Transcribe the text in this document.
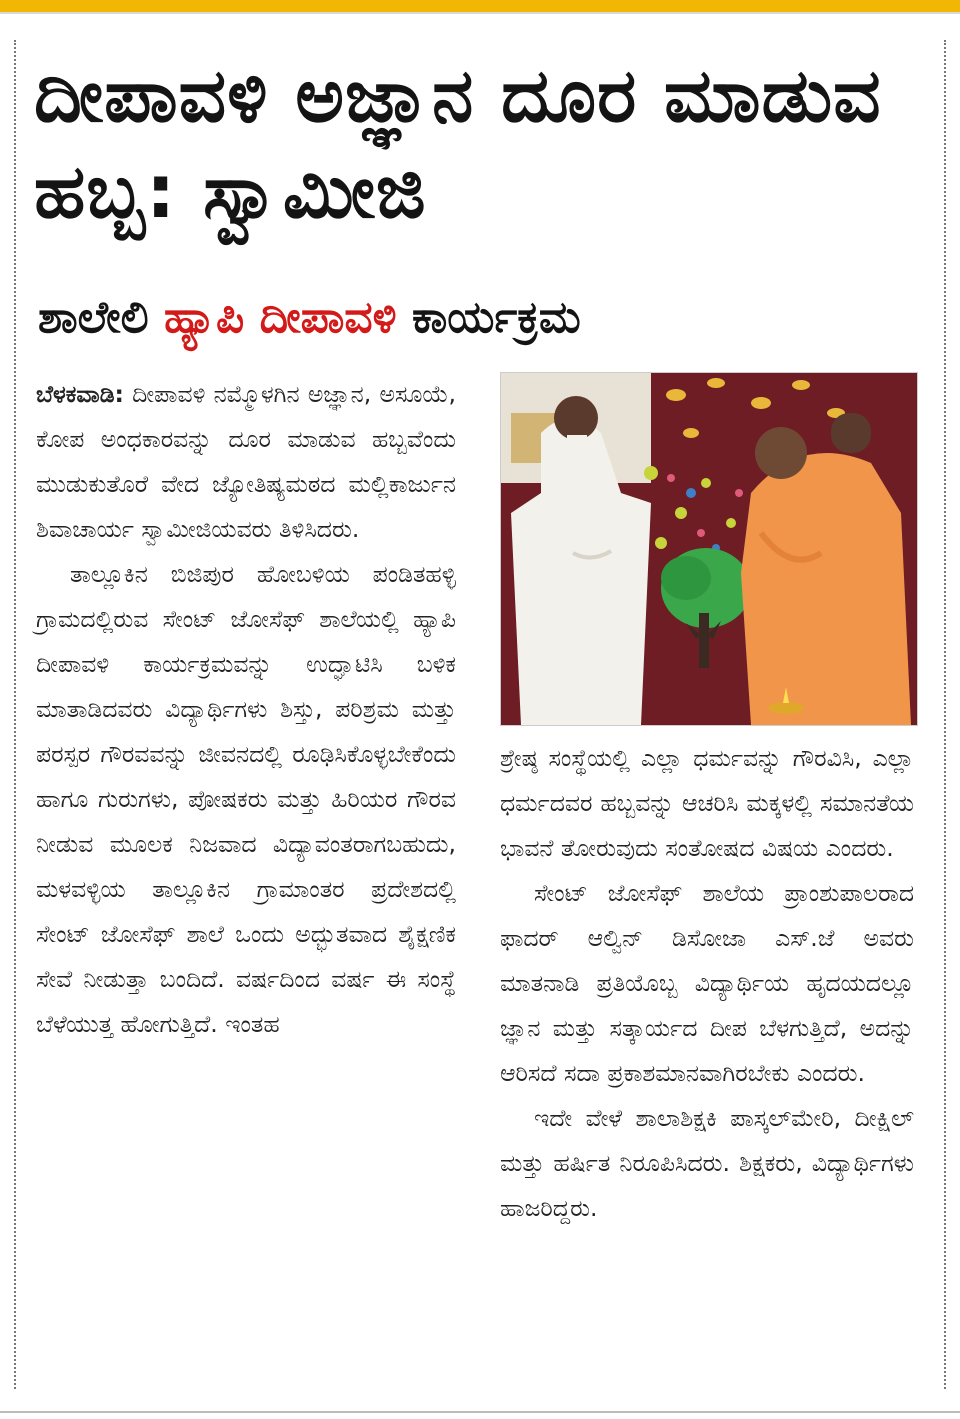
ದೀಪಾವಳಿ ಅಜ್ಞಾನ ದೂರ ಮಾಡುವ ಹಬ್ಬ: ಸ್ವಾಮೀಜಿ
ಶಾಲೇಲಿ ಹ್ಯಾಪಿ ದೀಪಾವಳಿ ಕಾರ್ಯಕ್ರಮ

ಬೆಳಕವಾಡಿ: ದೀಪಾವಳಿ ನಮ್ಮೊಳಗಿನ ಅಜ್ಞಾನ, ಅಸೂಯೆ, ಕೋಪ ಅಂಧಕಾರವನ್ನು ದೂರ ಮಾಡುವ ಹಬ್ಬವೆಂದು ಮುಡುಕುತೊರೆ ವೇದ ಜ್ಯೋತಿಷ್ಯಮಠದ ಮಲ್ಲಿಕಾರ್ಜುನ ಶಿವಾಚಾರ್ಯ ಸ್ವಾಮೀಜಿಯವರು ತಿಳಿಸಿದರು.

ತಾಲ್ಲೂಕಿನ ಬಿಜಿಪುರ ಹೋಬಳಿಯ ಪಂಡಿತಹಳ್ಳಿ ಗ್ರಾಮದಲ್ಲಿರುವ ಸೇಂಟ್ ಜೋಸೆಫ್ ಶಾಲೆಯಲ್ಲಿ ಹ್ಯಾಪಿ ದೀಪಾವಳಿ ಕಾರ್ಯಕ್ರಮವನ್ನು ಉದ್ಘಾಟಿಸಿ ಬಳಿಕ ಮಾತಾಡಿದವರು ವಿದ್ಯಾರ್ಥಿಗಳು ಶಿಸ್ತು, ಪರಿಶ್ರಮ ಮತ್ತು ಪರಸ್ಪರ ಗೌರವವನ್ನು ಜೀವನದಲ್ಲಿ ರೂಢಿಸಿಕೊಳ್ಳಬೇಕೆಂದು ಹಾಗೂ ಗುರುಗಳು, ಪೋಷಕರು ಮತ್ತು ಹಿರಿಯರ ಗೌರವ ನೀಡುವ ಮೂಲಕ ನಿಜವಾದ ವಿದ್ಯಾವಂತರಾಗಬಹುದು, ಮಳವಳ್ಳಿಯ ತಾಲ್ಲೂಕಿನ ಗ್ರಾಮಾಂತರ ಪ್ರದೇಶದಲ್ಲಿ ಸೇಂಟ್ ಜೋಸೆಫ್ ಶಾಲೆ ಒಂದು ಅದ್ಭುತವಾದ ಶೈಕ್ಷಣಿಕ ಸೇವೆ ನೀಡುತ್ತಾ ಬಂದಿದೆ. ವರ್ಷದಿಂದ ವರ್ಷ ಈ ಸಂಸ್ಥೆ ಬೆಳೆಯುತ್ತ ಹೋಗುತ್ತಿದೆ. ಇಂತಹ

ಶ್ರೇಷ್ಠ ಸಂಸ್ಥೆಯಲ್ಲಿ ಎಲ್ಲಾ ಧರ್ಮವನ್ನು ಗೌರವಿಸಿ, ಎಲ್ಲಾ ಧರ್ಮದವರ ಹಬ್ಬವನ್ನು ಆಚರಿಸಿ ಮಕ್ಕಳಲ್ಲಿ ಸಮಾನತೆಯ ಭಾವನೆ ತೋರುವುದು ಸಂತೋಷದ ವಿಷಯ ಎಂದರು.

ಸೇಂಟ್ ಜೋಸೆಫ್ ಶಾಲೆಯ ಪ್ರಾಂಶುಪಾಲರಾದ ಫಾದರ್ ಆಲ್ವಿನ್ ಡಿಸೋಜಾ ಎಸ್.ಜೆ ಅವರು ಮಾತನಾಡಿ ಪ್ರತಿಯೊಬ್ಬ ವಿದ್ಯಾರ್ಥಿಯ ಹೃದಯದಲ್ಲೂ ಜ್ಞಾನ ಮತ್ತು ಸತ್ಕಾರ್ಯದ ದೀಪ ಬೆಳಗುತ್ತಿದೆ, ಅದನ್ನು ಆರಿಸದೆ ಸದಾ ಪ್ರಕಾಶಮಾನವಾಗಿರಬೇಕು ಎಂದರು.

ಇದೇ ವೇಳೆ ಶಾಲಾಶಿಕ್ಷಕಿ ಪಾಸ್ಕಲ್‌ಮೇರಿ, ದೀಕ್ಷಿಲ್ ಮತ್ತು ಹರ್ಷಿತ ನಿರೂಪಿಸಿದರು. ಶಿಕ್ಷಕರು, ವಿದ್ಯಾರ್ಥಿಗಳು ಹಾಜರಿದ್ದರು.
